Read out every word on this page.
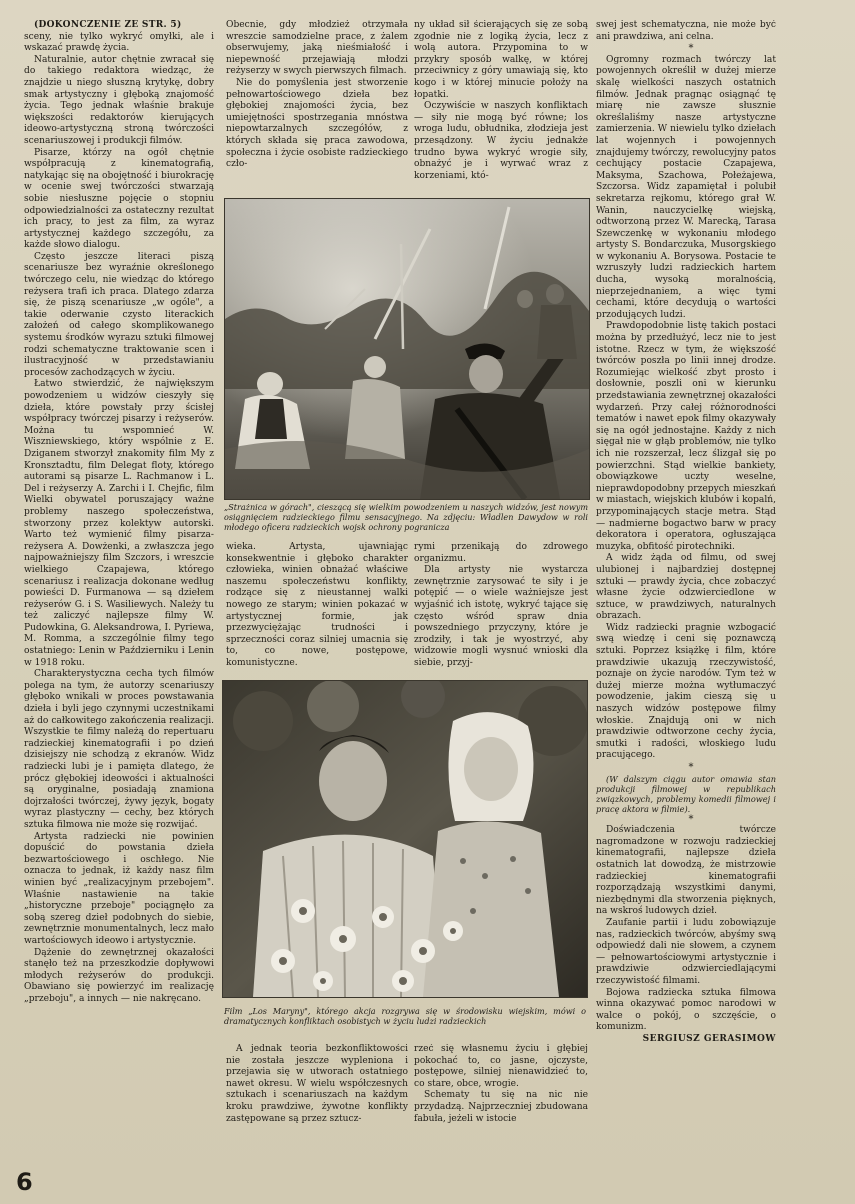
(DOKOŃCZENIE ZE STR. 5)

sceny, nie tylko wykryć omyłki, ale i wskazać prawdę życia.

Naturalnie, autor chętnie zwracał się do takiego redaktora wiedząc, że znajdzie u niego słuszną krytykę, dobry smak artystyczny i głęboką znajomość życia. Tego jednak właśnie brakuje większości redaktorów kierujących ideowo-artystyczną stroną twórczości scenariuszowej i produkcji filmów.

Pisarze, którzy na ogół chętnie współpracują z kinematografią, natykając się na obojętność i biurokrację w ocenie swej twórczości stwarzają sobie niesłuszne pojęcie o stopniu odpowiedzialności za ostateczny rezultat ich pracy, to jest za film, za wyraz artystycznej każdego szczegółu, za każde słowo dialogu.

Często jeszcze literaci piszą scenariusze bez wyraźnie określonego twórczego celu, nie wiedząc do którego reżysera trafi ich praca. Dlatego zdarza się, że piszą scenariusze „w ogóle", a takie oderwanie czysto literackich założeń od całego skomplikowanego systemu środków wyrazu sztuki filmowej rodzi schematyczne traktowanie scen i ilustracyjność w przedstawianiu procesów zachodzących w życiu.

Łatwo stwierdzić, że największym powodzeniem u widzów cieszyły się dzieła, które powstały przy ścisłej współpracy twórczej pisarzy i reżyserów. Można tu wspomnieć W. Wiszniewskiego, który wspólnie z E. Dziganem stworzył znakomity film My z Kronsztadtu, film Delegat floty, którego autorami są pisarze L. Rachmanow i L. Del i reżyserzy A. Zarchi i I. Chejfic, film Wielki obywatel poruszający ważne problemy naszego społeczeństwa, stworzony przez kolektyw autorski. Warto też wymienić filmy pisarza-reżysera A. Dowżenki, a zwłaszcza jego najpoważniejszy film Szczors, i wreszcie wielkiego Czapajewa, którego scenariusz i realizacja dokonane według powieści D. Furmanowa — są dziełem reżyserów G. i S. Wasiliewych. Należy tu też zaliczyć najlepsze filmy W. Pudowkina, G. Aleksandrowa, I. Pyriewa, M. Romma, a szczególnie filmy tego ostatniego: Lenin w Październiku i Lenin w 1918 roku.

Charakterystyczna cecha tych filmów polega na tym, że autorzy scenariuszy głęboko wnikali w proces powstawania dzieła i byli jego czynnymi uczestnikami aż do całkowitego zakończenia realizacji. Wszystkie te filmy należą do repertuaru radzieckiej kinematografii i po dzień dzisiejszy nie schodzą z ekranów. Widz radziecki lubi je i pamięta dlatego, że prócz głębokiej ideowości i aktualności są oryginalne, posiadają znamiona dojrzałości twórczej, żywy język, bogaty wyraz plastyczny — cechy, bez których sztuka filmowa nie może się rozwijać.

Artysta radziecki nie powinien dopuścić do powstania dzieła bezwartościowego i oschłego. Nie oznacza to jednak, iż każdy nasz film winien być „realizacyjnym przebojem". Właśnie nastawienie na takie „historyczne przeboje" pociągnęło za sobą szereg dzieł podobnych do siebie, zewnętrznie monumentalnych, lecz mało wartościowych ideowo i artystycznie.

Dążenie do zewnętrznej okazałości stanęło też na przeszkodzie dopływowi młodych reżyserów do produkcji. Obawiano się powierzyć im realizację „przeboju", a innych — nie nakręcano.

Obecnie, gdy młodzież otrzymała wreszcie samodzielne prace, z żalem obserwujemy, jaką nieśmiałość i niepewność przejawiają młodzi reżyserzy w swych pierwszych filmach.

Nie do pomyślenia jest stworzenie pełnowartościowego dzieła bez głębokiej znajomości życia, bez umiejętności spostrzegania mnóstwa niepowtarzalnych szczegółów, z których składa się praca zawodowa, społeczna i życie osobiste radzieckiego czło-

ny układ sił ścierających się ze sobą zgodnie nie z logiką życia, lecz z wolą autora. Przypomina to w przykry sposób walkę, w której przeciwnicy z góry umawiają się, kto kogo i w której minucie położy na łopatki.

Oczywiście w naszych konfliktach — siły nie mogą być równe; los wroga ludu, obłudnika, złodzieja jest przesądzony. W życiu jednakże trudno bywa wykryć wrogie siły, obnażyć je i wyrwać wraz z korzeniami, któ-

„Strażnica w górach", cieszącą się wielkim powodzeniem u naszych widzów, jest nowym osiągnięciem radzieckiego filmu sensacyjnego. Na zdjęciu: Władlen Dawydow w roli młodego oficera radzieckich wojsk ochrony pogranicza

wieka. Artysta, ujawniając konsekwentnie i głęboko charakter człowieka, winien obnażać właściwe naszemu społeczeństwu konflikty, rodzące się z nieustannej walki nowego ze starym; winien pokazać w artystycznej formie, jak przezwyciężając trudności i sprzeczności coraz silniej umacnia się to, co nowe, postępowe, komunistyczne.

rymi przenikają do zdrowego organizmu.

Dla artysty nie wystarcza zewnętrznie zarysować te siły i je potępić — o wiele ważniejsze jest wyjaśnić ich istotę, wykryć tające się często wśród spraw dnia powszedniego przyczyny, które je zrodziły, i tak je wyostrzyć, aby widzowie mogli wysnuć wnioski dla siebie, przyj-

Film „Los Maryny", którego akcja rozgrywa się w środowisku wiejskim, mówi o dramatycznych konfliktach osobistych w życiu ludzi radzieckich

A jednak teoria bezkonfliktowości nie została jeszcze wypleniona i przejawia się w utworach ostatniego nawet okresu. W wielu współczesnych sztukach i scenariuszach na każdym kroku prawdziwe, żywotne konflikty zastępowane są przez sztucz-

rzeć się własnemu życiu i głębiej pokochać to, co jasne, ojczyste, postępowe, silniej nienawidzieć to, co stare, obce, wrogie.

Schematy tu się na nic nie przydadzą. Najprzeczniej zbudowana fabuła, jeżeli w istocie

swej jest schematyczna, nie może być ani prawdziwa, ani celna.

*

Ogromny rozmach twórczy lat powojennych określił w dużej mierze skalę wielkości naszych ostatnich filmów. Jednak pragnąc osiągnąć tę miarę nie zawsze słusznie określaliśmy nasze artystyczne zamierzenia. W niewielu tylko dziełach lat wojennych i powojennych znajdujemy twórczy, rewolucyjny patos cechujący postacie Czapajewa, Maksyma, Szachowa, Połeżajewa, Szczorsa. Widz zapamiętał i polubił sekretarza rejkomu, którego grał W. Wanin, nauczycielkę wiejską, odtworzoną przez W. Marecką, Tarasa Szewczenkę w wykonaniu młodego artysty S. Bondarczuka, Musorgskiego w wykonaniu A. Borysowa. Postacie te wzruszyły ludzi radzieckich hartem ducha, wysoką moralnością, nieprzejednaniem, a więc tymi cechami, które decydują o wartości przodujących ludzi.

Prawdopodobnie listę takich postaci można by przedłużyć, lecz nie to jest istotne. Rzecz w tym, że większość twórców poszła po linii innej drodze. Rozumiejąc wielkość zbyt prosto i dosłownie, poszli oni w kierunku przedstawiania zewnętrznej okazałości wydarzeń. Przy całej różnorodności tematów i nawet epok filmy okazywały się na ogół jednostajne. Każdy z nich sięgał nie w głąb problemów, nie tylko ich nie rozszerzał, lecz ślizgał się po powierzchni. Stąd wielkie bankiety, obowiązkowe uczty weselne, nieprawdopodobny przepych mieszkań w miastach, wiejskich klubów i kopalń, przypominających stacje metra. Stąd — nadmierne bogactwo barw w pracy dekoratora i operatora, ogłuszająca muzyka, obfitość pirotechniki.

A widz żąda od filmu, od swej ulubionej i najbardziej dostępnej sztuki — prawdy życia, chce zobaczyć własne życie odzwierciedlone w sztuce, w prawdziwych, naturalnych obrazach.

Widz radziecki pragnie wzbogacić swą wiedzę i ceni się poznawczą sztuki. Poprzez książkę i film, które prawdziwie ukazują rzeczywistość, poznaje on życie narodów. Tym też w dużej mierze można wytłumaczyć powodzenie, jakim cieszą się u naszych widzów postępowe filmy włoskie. Znajdują oni w nich prawdziwie odtworzone cechy życia, smutki i radości, włoskiego ludu pracującego.

*

(W dalszym ciągu autor omawia stan produkcji filmowej w republikach związkowych, problemy komedii filmowej i pracę aktora w filmie).

*

Doświadczenia twórcze nagromadzone w rozwoju radzieckiej kinematografii, najlepsze dzieła ostatnich lat dowodzą, że mistrzowie radzieckiej kinematografii rozporządzają wszystkimi danymi, niezbędnymi dla stworzenia pięknych, na wskroś ludowych dzieł.

Zaufanie partii i ludu zobowiązuje nas, radzieckich twórców, abyśmy swą odpowiedź dali nie słowem, a czynem — pełnowartościowymi artystycznie i prawdziwie odzwierciedlającymi rzeczywistość filmami.

Bojowa radziecka sztuka filmowa winna okazywać pomoc narodowi w walce o pokój, o szczęście, o komunizm.

SERGIUSZ GERASIMOW

6
